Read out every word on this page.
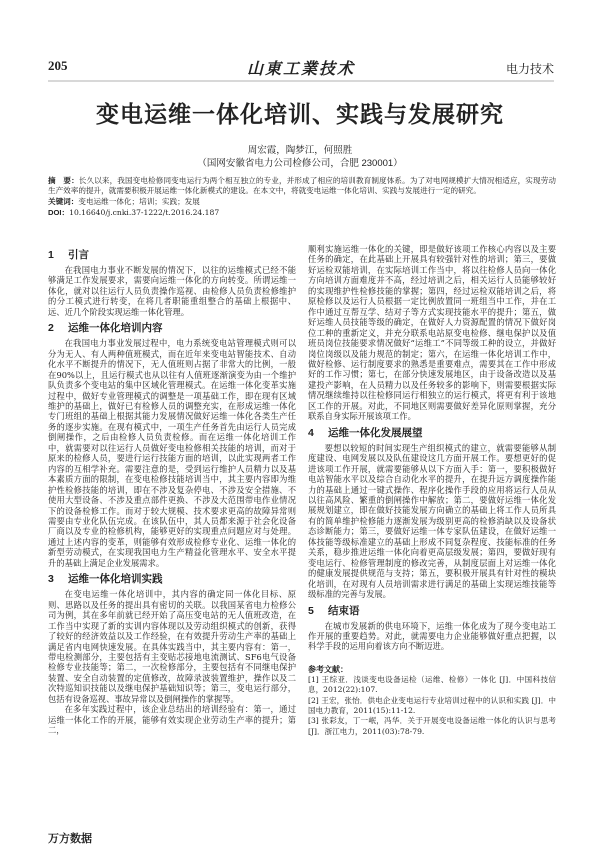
205	山東工業技术	电力技术
变电运维一体化培训、实践与发展研究
周宏霞，陶梦江，何照胜
（国网安徽省电力公司检修公司，合肥 230001）
摘　要：长久以来，我国变电检修同变电运行为两个相互独立的专业，并形成了相应的培训教育制度体系。为了对电网规模扩大情况相适应，实现劳动生产效率的提升，就需要积极开展运维一体化新模式的建设。在本文中，将就变电运维一体化培训、实践与发展进行一定的研究。
关键词：变电运维一体化；培训；实践；发展
DOI：10.16640/j.cnki.37-1222/t.2016.24.187
1 引言

在我国电力事业不断发展的情况下，以往的运维模式已经不能够满足工作发展要求，需要向运维一体化的方向转变。所谓运维一体化，就对以往运行人员负责操作巡视、由检修人员负责检修维护的分工模式进行转变，在将几者职能重组整合的基础上根据中、远、近几个阶段实现运维一体化管理。

2 运维一体化培训内容

在我国电力事业发展过程中，电力系统变电站管理模式则可以分为无人、有人两种值班模式，而在近年来变电站智能技术、自动化水平不断提升的情况下，无人值班则占据了非常大的比例，一般在90%以上，且运行模式也从以往有人值班逐渐演变为由一个维护队负责多个变电站的集中区域化管理模式。在运维一体化变革实施过程中，做好专业管理模式的调整是一项基础工作，即在现有区域维护的基础上，做好已有检修人员的调整充实，在形成运维一体化专门班组的基础上根据其能力发展情况做好运维一体化各类生产任务的逐步实施。在现有模式中，一项生产任务首先由运行人员完成倒闸操作，之后由检修人员负责检修。而在运维一体化培训工作中，就需要对以往运行人员做好变电检修相关技能的培训，而对于原来的检修人员，要进行运行技能方面的培训，以此实现两者工作内容的互相学补充。需要注意的是，受到运行维护人员精力以及基本素质方面的限制，在变电检修技能培训当中，其主要内容即为维护性检修技能的培训，即在不涉及复杂停电、不涉及安全措施、不使用大型设备、不涉及重点部件更换、不涉及大范围带电作业情况下的设备检修工作。而对于较大规模、技术要求更高的故障异常则需要由专业化队伍完成。在该队伍中，其人员都来源于社会化设备厂商以及专业的检修机构，能够更好的实现重点问题应对与处理。通过上述内容的变革，则能够有效形成检修专业化、运维一体化的新型劳动模式，在实现我国电力生产精益化管理水平、安全水平提升的基础上满足企业发展需求。

3 运维一体化培训实践

在变电运维一体化培训中，其内容的确定同一体化目标、原则、思路以及任务的提出具有密切的关联。以我国某省电力检修公司为例，其在多年前就已经开始了高压变电站的无人值班改造，在工作当中实现了新的实训内容体现以及劳动组织模式的创新，获得了较好的经济效益以及工作经验，在有效提升劳动生产率的基础上满足省内电网快速发展。在具体实践当中，其主要内容有：第一，带电检测部分，主要包括有主变贴芯接地电流测试、SF6电气设备检修专业技能等；第二，一次检修部分，主要包括有不同继电保护装置、安全自动装置的定值修改，故障录波装置维护，操作以及二次特巡知识技能以及继电保护基础知识等；第三，变电运行部分，包括有设备巡视、事故异常以及倒闸操作的掌握等。

在多年实践过程中，该企业总结出的培训经验有：第一，通过运维一体化工作的开展，能够有效实现企业劳动生产率的提升；第二，

顺利实施运维一体化的关键，即是做好该项工作核心内容以及主要任务的确定，在此基础上开展具有较强针对性的培训；第三，要做好运检双能培训，在实际培训工作当中，将以往检修人员向一体化方向培训方面难度并不高，经过培训之后，相关运行人员能够较好的实现维护性检修技能的掌握；第四，经过运检双能培训之后，将原检修以及运行人员根据一定比例放置同一班组当中工作，并在工作中通过互帮互学、结对子等方式实现技能水平的提升；第五，做好运维人员技能等级的确定，在做好人力资源配置的情况下做好岗位工种的重新定义，并充分联系电站原变电检修、继电保护以及值班员岗位技能要求情况做好“运维工”不同等级工种的设立，并做好岗位岗级以及能力规范的制定；第六，在运维一体化培训工作中，做好检修、运行制度要求的熟悉是重要难点，需要其在工作中形成好的工作习惯；第七，在部分快速发展地区，由于设备改造以及基建投产影响，在人员精力以及任务较多的影响下，则需要根据实际情况继续维持以往检修同运行相独立的运行模式，将更有利于该地区工作的开展。对此，不同地区则需要做好差异化原则掌握，充分联系自身实际开展该项工作。

4 运维一体化发展展望

要想以较短的时间实现生产组织模式的建立，就需要能够从制度建设、电网发展以及队伍建设这几方面开展工作。要想更好的促进该项工作开展，就需要能够从以下方面入手：第一，要积极做好电站智能水平以及综合自动化水平的提升，在提升远方调度操作能力的基础上通过一键式操作、程序化操作手段的应用将运行人员从以往高风险、繁重的倒闸操作中解放；第二，要做好运维一体化发展规划建立，即在做好技能发展方向确立的基础上将工作人员所具有的简单维护检修能力逐渐发展为级别更高的检修消缺以及设备状态诊断能力；第三，要做好运维一体专家队伍建设，在做好运维一体技能等级标准建立的基础上形成不同复杂程度、技能标准的任务关系，稳步推进运维一体化向着更高层级发展；第四，要做好现有变电运行、检修管理制度的修改完善，从制度层面上对运维一体化的健康发展提供规范与支持；第五，要积极开展具有针对性的模块化培训，在对现有人员培训需求进行满足的基础上实现运维技能等级标准的完善与发展。

5 结束语

在城市发展新的供电环境下，运维一体化成为了现今变电站工作开展的重要趋势。对此，就需要电力企业能够做好重点把握，以科学手段的运用向着该方向不断迈进。

参考文献：
[1] 王综亚．浅谈变电设备运检（运维、检修）一体化 [J]．中国科技信息，2012(22):107.
[2] 王宏，张怡．供电企业变电运行专业培训过程中的认识和实践 [J]．中国电力教育，2011(15):11-12.
[3] 张彩友，丁一岷，冯华．关于开展变电设备运维一体化的认识与思考 [J]．浙江电力，2011(03):78-79.
万方数据
